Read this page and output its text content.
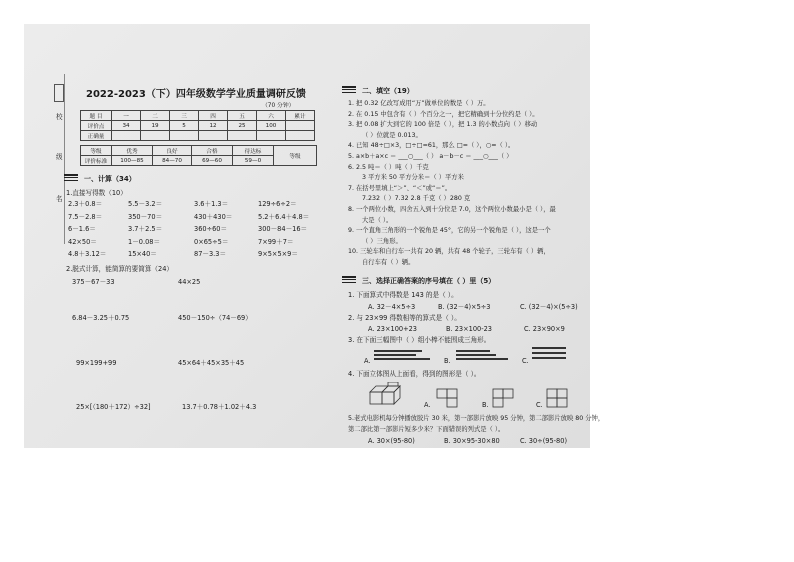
校
级
名
2022-2023（下）四年级数学学业质量调研反馈
（70 分钟）
题 目	一	二	三	四	五	六	累计
评价点	34	19	5	12	25	100	
正确量							
等级	优秀	良好	合格	待达标	等级
评价标准	100—85	84—70	69—60	59—0	
一、计算（34）
1.直接写得数（10）
2.3＋0.8＝	5.5－3.2＝	3.6＋1.3＝	129÷6÷2＝
7.5－2.8＝	350－70＝	430＋430＝	5.2＋6.4＋4.8＝
6－1.6＝	3.7＋2.5＝	360÷60＝	300－84－16＝
42×50＝	1－0.08＝	0×65÷5＝	7×99＋7＝
4.8＋3.12＝	15×40＝	87－3.3＝	9×5×5×9＝
2.脱式计算，能简算的要简算（24）
375－67－33	44×25
6.84－3.25＋0.75	450－150÷（74－69）
99×199+99	45×64＋45×35＋45
25×[（180＋172）÷32]	13.7＋0.78＋1.02＋4.3
二、填空（19）
1. 把 0.32 亿改写成用“万”做单位的数是（ ）万。
2. 在 0.15 中包含有（ ）个百分之一，把它精确到十分位约是（ ）。
3. 把 0.08 扩大到它的 100 倍是（ ），把 1.3 的小数点向（ ）移动
（ ）位就是 0.013。
4. 已知 48÷□×3，□÷□=61，那么 □=（ ），○=（ ）。
5. a×b＋a×c ＝ ___○___（ ） a－b－c ＝ ___○___（ ）
6. 2.5 吨＝（ ）吨（ ）千克
3 平方米 50 平方分米＝（ ）平方米
7. 在括号里填上“＞”、“＜”或“＝”。
7.232（ ）7.32 2.8 千克（ ）280 克
8. 一个两位小数，四舍五入到十分位是 7.0，这个两位小数最小是（ ），最
大是（ ）。
9. 一个直角三角形的一个锐角是 45°，它的另一个锐角是（ ），这是一个
（ ）三角形。
10. 三轮车和自行车一共有 20 辆，共有 48 个轮子，三轮车有（ ）辆，
自行车有（ ）辆。
三、选择正确答案的序号填在（ ）里（5）
1. 下面算式中得数是 143 的是（ ）。
A. 32－4×5÷3	B. (32－4)×5÷3	C. (32－4)×(5÷3)
2. 与 23×99 得数相等的算式是（ ）。
A. 23×100+23	B. 23×100-23	C. 23×90×9
3. 在下面三幅图中（ ）组小棒不能围成三角形。
A.	B.	C.
4. 下面立体图从上面看，得到的图形是（ ）。
A.	B.	C.
5.老式电影机每分钟播放胶片 30 米，第一部影片放映 95 分钟，第二部影片放映 80 分钟，
第二部比第一部影片短多少米？下面错误的列式是（ ）。
A. 30×(95-80)	B. 30×95-30×80	C. 30÷(95-80)
